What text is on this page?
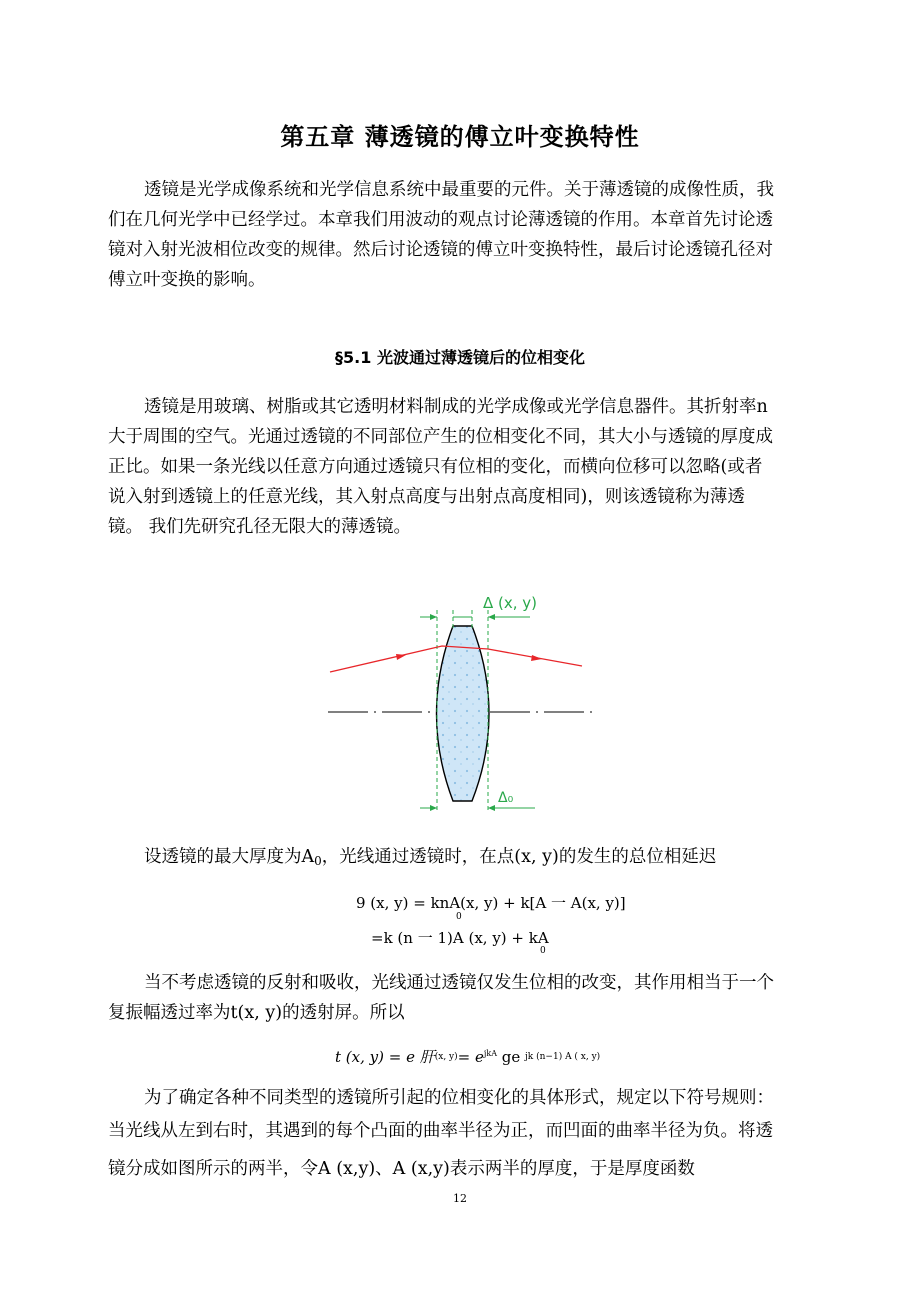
第五章 薄透镜的傅立叶变换特性
透镜是光学成像系统和光学信息系统中最重要的元件。关于薄透镜的成像性质，我
们在几何光学中已经学过。本章我们用波动的观点讨论薄透镜的作用。本章首先讨论透
镜对入射光波相位改变的规律。然后讨论透镜的傅立叶变换特性，最后讨论透镜孔径对
傅立叶变换的影响。
§5.1 光波通过薄透镜后的位相变化
透镜是用玻璃、树脂或其它透明材料制成的光学成像或光学信息器件。其折射率n
大于周围的空气。光通过透镜的不同部位产生的位相变化不同，其大小与透镜的厚度成
正比。如果一条光线以任意方向通过透镜只有位相的变化，而横向位移可以忽略(或者
说入射到透镜上的任意光线，其入射点高度与出射点高度相同)，则该透镜称为薄透
镜。 我们先研究孔径无限大的薄透镜。
Δ (x, y)
Δ₀
设透镜的最大厚度为A0，光线通过透镜时，在点(x, y)的发生的总位相延迟
9 (x, y) = knA(x, y) + k[A 一 A(x, y)]
0
=k (n 一 1)A (x, y) + kA
0
当不考虑透镜的反射和吸收，光线通过透镜仅发生位相的改变，其作用相当于一个
复振幅透过率为t(x, y)的透射屏。所以
t (x, y) = e 肝$^{(x, y)}= e^{jkA}$ ge $^{jk (n-1) A ( x, y)}$
为了确定各种不同类型的透镜所引起的位相变化的具体形式，规定以下符号规则：
当光线从左到右时，其遇到的每个凸面的曲率半径为正，而凹面的曲率半径为负。将透
镜分成如图所示的两半，令A (x,y)、A (x,y)表示两半的厚度，于是厚度函数
12
